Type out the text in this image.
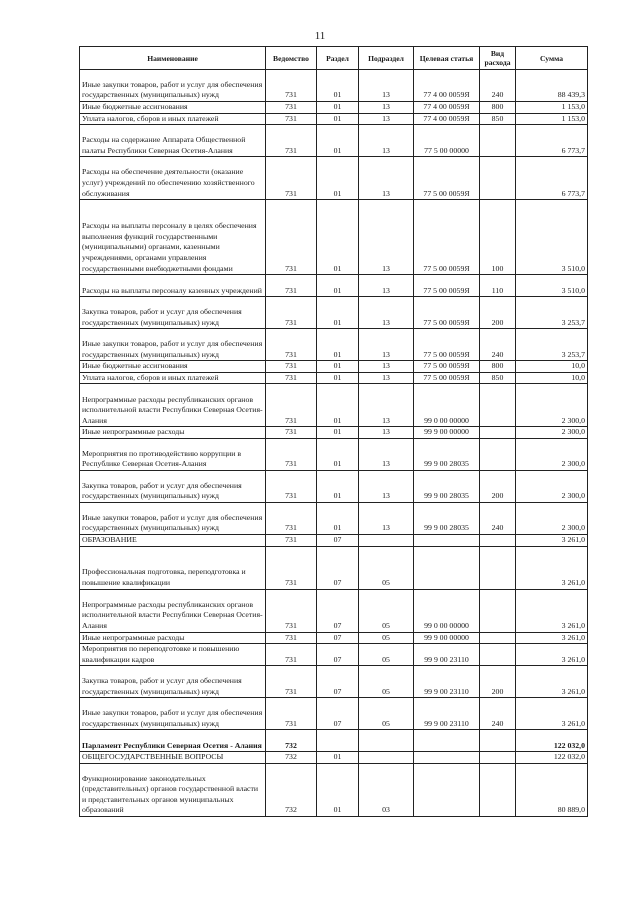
11
Наименование	Ведомство	Раздел	Подраздел	Целевая статья	Вид расхода	Сумма
Иные закупки товаров, работ и услуг для обеспечения государственных (муниципальных) нужд	731	01	13	77 4 00 0059Я	240	88 439,3
Иные бюджетные ассигнования	731	01	13	77 4 00 0059Я	800	1 153,0
Уплата налогов, сборов и иных платежей	731	01	13	77 4 00 0059Я	850	1 153,0
Расходы на содержание Аппарата Общественной палаты Республики Северная Осетия-Алания	731	01	13	77 5 00 00000		6 773,7
Расходы на обеспечение деятельности (оказание услуг) учреждений по обеспечению хозяйственного обслуживания	731	01	13	77 5 00 0059Я		6 773,7
Расходы на выплаты персоналу в целях обеспечения выполнения функций государственными (муниципальными) органами, казенными учреждениями, органами управления государственными внебюджетными фондами	731	01	13	77 5 00 0059Я	100	3 510,0
Расходы на выплаты персоналу казенных учреждений	731	01	13	77 5 00 0059Я	110	3 510,0
Закупка товаров, работ и услуг для обеспечения государственных (муниципальных) нужд	731	01	13	77 5 00 0059Я	200	3 253,7
Иные закупки товаров, работ и услуг для обеспечения государственных (муниципальных) нужд	731	01	13	77 5 00 0059Я	240	3 253,7
Иные бюджетные ассигнования	731	01	13	77 5 00 0059Я	800	10,0
Уплата налогов, сборов и иных платежей	731	01	13	77 5 00 0059Я	850	10,0
Непрограммные расходы республиканских органов исполнительной власти Республики Северная Осетия-Алания	731	01	13	99 0 00 00000		2 300,0
Иные непрограммные расходы	731	01	13	99 9 00 00000		2 300,0
Мероприятия по противодействию коррупции в Республике Северная Осетия-Алания	731	01	13	99 9 00 28035		2 300,0
Закупка товаров, работ и услуг для обеспечения государственных (муниципальных) нужд	731	01	13	99 9 00 28035	200	2 300,0
Иные закупки товаров, работ и услуг для обеспечения государственных (муниципальных) нужд	731	01	13	99 9 00 28035	240	2 300,0
ОБРАЗОВАНИЕ	731	07				3 261,0
Профессиональная подготовка, переподготовка и повышение квалификации	731	07	05			3 261,0
Непрограммные расходы республиканских органов исполнительной власти Республики Северная Осетия-Алания	731	07	05	99 0 00 00000		3 261,0
Иные непрограммные расходы	731	07	05	99 9 00 00000		3 261,0
Мероприятия по переподготовке и повышению квалификации кадров	731	07	05	99 9 00 23110		3 261,0
Закупка товаров, работ и услуг для обеспечения государственных (муниципальных) нужд	731	07	05	99 9 00 23110	200	3 261,0
Иные закупки товаров, работ и услуг для обеспечения государственных (муниципальных) нужд	731	07	05	99 9 00 23110	240	3 261,0
Парламент Республики Северная Осетия - Алания	732					122 032,0
ОБЩЕГОСУДАРСТВЕННЫЕ ВОПРОСЫ	732	01				122 032,0
Функционирование законодательных (представительных) органов государственной власти и представительных органов муниципальных образований	732	01	03			80 889,0
